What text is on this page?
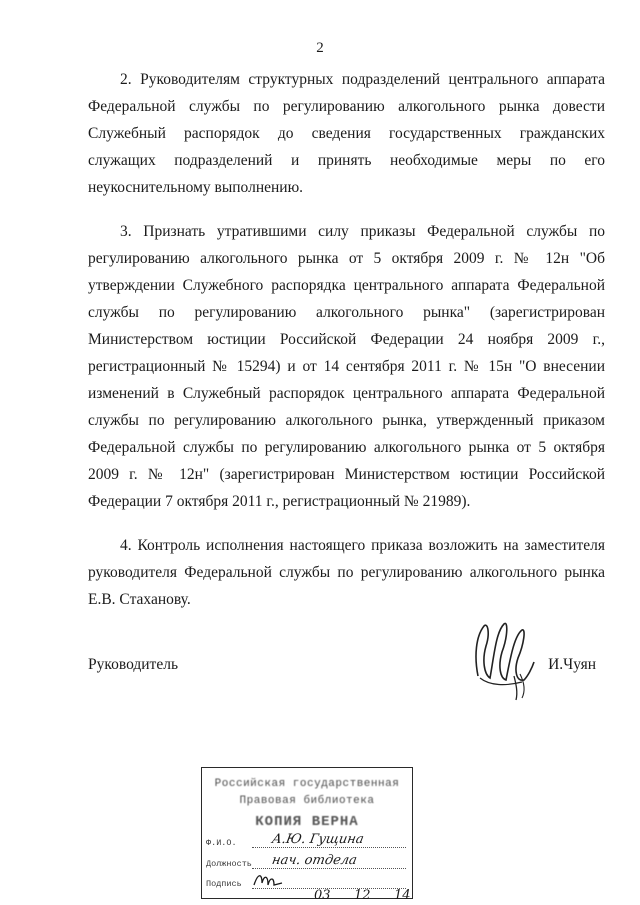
2

2. Руководителям структурных подразделений центрального аппарата Федеральной службы по регулированию алкогольного рынка довести Служебный распорядок до сведения государственных гражданских служащих подразделений и принять необходимые меры по его неукоснительному выполнению.

3. Признать утратившими силу приказы Федеральной службы по регулированию алкогольного рынка от 5 октября 2009 г. № 12н "Об утверждении Служебного распорядка центрального аппарата Федеральной службы по регулированию алкогольного рынка" (зарегистрирован Министерством юстиции Российской Федерации 24 ноября 2009 г., регистрационный № 15294) и от 14 сентября 2011 г. № 15н "О внесении изменений в Служебный распорядок центрального аппарата Федеральной службы по регулированию алкогольного рынка, утвержденный приказом Федеральной службы по регулированию алкогольного рынка от 5 октября 2009 г. № 12н" (зарегистрирован Министерством юстиции Российской Федерации 7 октября 2011 г., регистрационный № 21989).

4. Контроль исполнения настоящего приказа возложить на заместителя руководителя Федеральной службы по регулированию алкогольного рынка Е.В. Стаханову.

Руководитель	И.Чуян
Российская государственная
Правовая библиотека
КОПИЯ ВЕРНА
Ф.И.О.	А.Ю. Гущина
Должность нач. отдела
Подпись
03 12 14
